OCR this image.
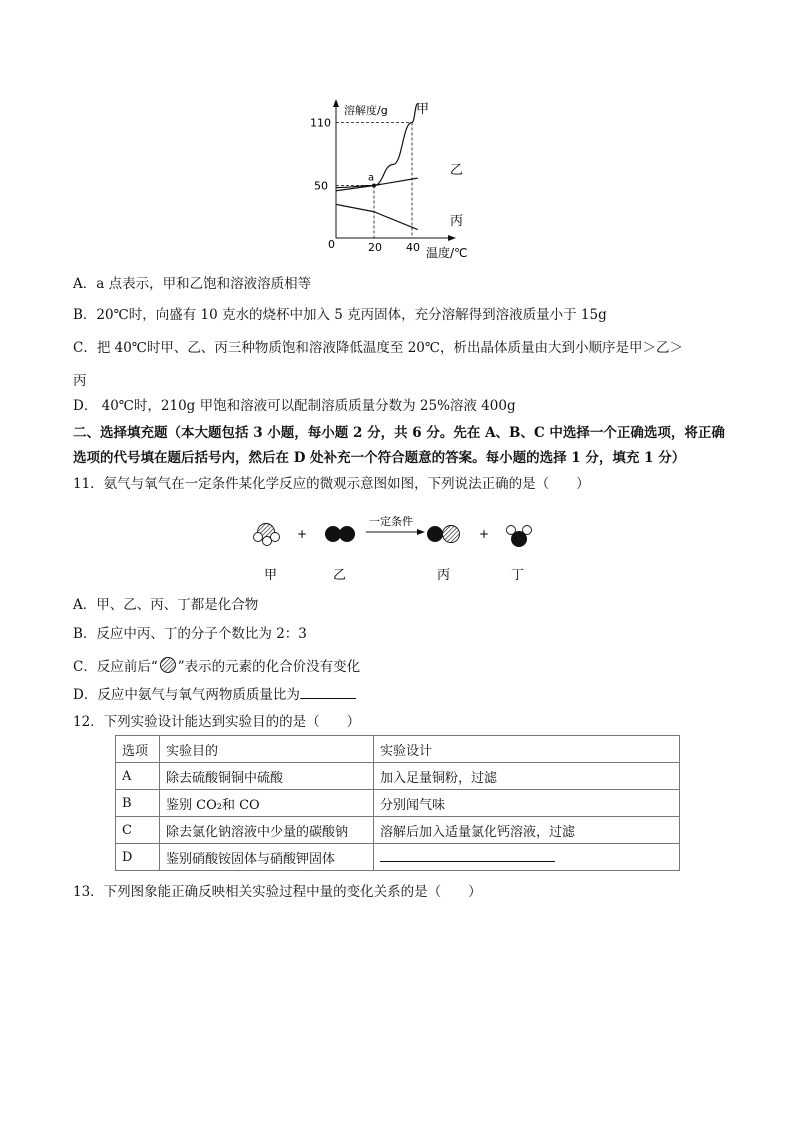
溶解度/g
温度/℃
0
110
50
20 40
a
甲
乙
丙
A．a 点表示，甲和乙饱和溶液溶质相等
B．20℃时，向盛有 10 克水的烧杯中加入 5 克丙固体，充分溶解得到溶液质量小于 15g
C．把 40℃时甲、乙、丙三种物质饱和溶液降低温度至 20℃，析出晶体质量由大到小顺序是甲＞乙＞
丙
D． 40℃时，210g 甲饱和溶液可以配制溶质质量分数为 25%溶液 400g
二、选择填充题（本大题包括 3 小题，每小题 2 分，共 6 分。先在 A、B、C 中选择一个正确选项，将正确
选项的代号填在题后括号内，然后在 D 处补充一个符合题意的答案。每小题的选择 1 分，填充 1 分）
11．氨气与氧气在一定条件某化学反应的微观示意图如图，下列说法正确的是（　　）
+
一定条件
+
甲	乙	丙	丁
A．甲、乙、丙、丁都是化合物
B．反应中丙、丁的分子个数比为 2：3
C．反应前后“ ”表示的元素的化合价没有变化
D．反应中氨气与氧气两物质质量比为
12．下列实验设计能达到实验目的的是（　　）
选项	实验目的	实验设计
A	除去硫酸铜铜中硫酸	加入足量铜粉，过滤
B	鉴别 CO₂和 CO	分别闻气味
C	除去氯化钠溶液中少量的碳酸钠	溶解后加入适量氯化钙溶液，过滤
D	鉴别硝酸铵固体与硝酸钾固体	
13．下列图象能正确反映相关实验过程中量的变化关系的是（　　）
